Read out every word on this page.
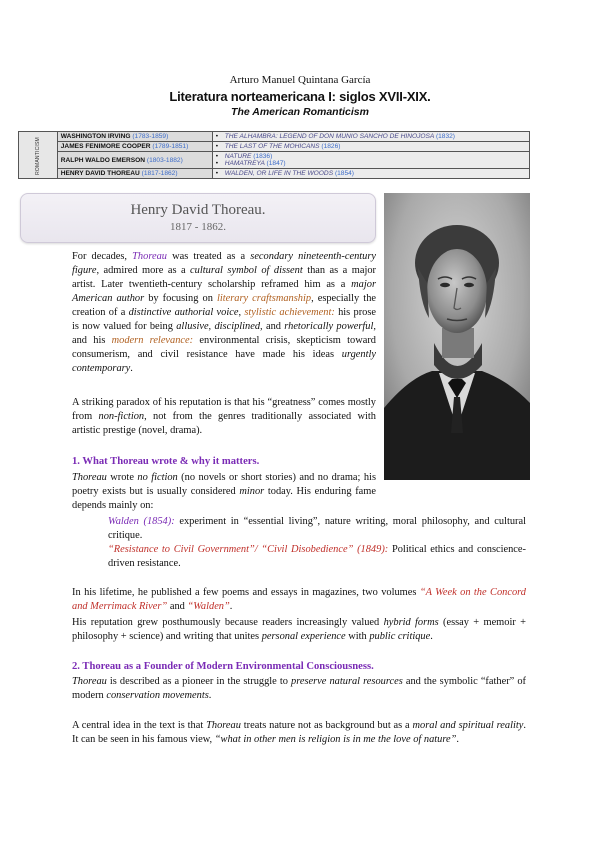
Arturo Manuel Quintana García
Literatura norteamericana I: siglos XVII-XIX.
The American Romanticism
ROMANTICISM	WASHINGTON IRVING (1783-1859)	• THE ALHAMBRA: LEGEND OF DON MUNIO SANCHO DE HINOJOSA (1832)
	JAMES FENIMORE COOPER (1789-1851)	• THE LAST OF THE MOHICANS (1826)
	RALPH WALDO EMERSON (1803-1882)	• NATURE (1836)
• HAMATREYA (1847)

	HENRY DAVID THOREAU (1817-1862)	• WALDEN, OR LIFE IN THE WOODS (1854)
Henry David Thoreau.
1817 - 1862.
For decades, Thoreau was treated as a secondary nineteenth-century figure, admired more as a cultural symbol of dissent than as a major artist. Later twentieth-century scholarship reframed him as a major American author by focusing on literary craftsmanship, especially the creation of a distinctive authorial voice, stylistic achievement: his prose is now valued for being allusive, disciplined, and rhetorically powerful, and his modern relevance: environmental crisis, skepticism toward consumerism, and civil resistance have made his ideas urgently contemporary.
A striking paradox of his reputation is that his “greatness” comes mostly from non-fiction, not from the genres traditionally associated with artistic prestige (novel, drama).
1. What Thoreau wrote & why it matters.
Thoreau wrote no fiction (no novels or short stories) and no drama; his poetry exists but is usually considered minor today. His enduring fame depends mainly on:
Walden (1854): experiment in “essential living”, nature writing, moral philosophy, and cultural critique.
“Resistance to Civil Government”/ “Civil Disobedience” (1849): Political ethics and conscience-driven resistance.
In his lifetime, he published a few poems and essays in magazines, two volumes “A Week on the Concord and Merrimack River” and “Walden”.
His reputation grew posthumously because readers increasingly valued hybrid forms (essay + memoir + philosophy + science) and writing that unites personal experience with public critique.
2. Thoreau as a Founder of Modern Environmental Consciousness.
Thoreau is described as a pioneer in the struggle to preserve natural resources and the symbolic “father” of modern conservation movements.
A central idea in the text is that Thoreau treats nature not as background but as a moral and spiritual reality. It can be seen in his famous view, “what in other men is religion is in me the love of nature”.
